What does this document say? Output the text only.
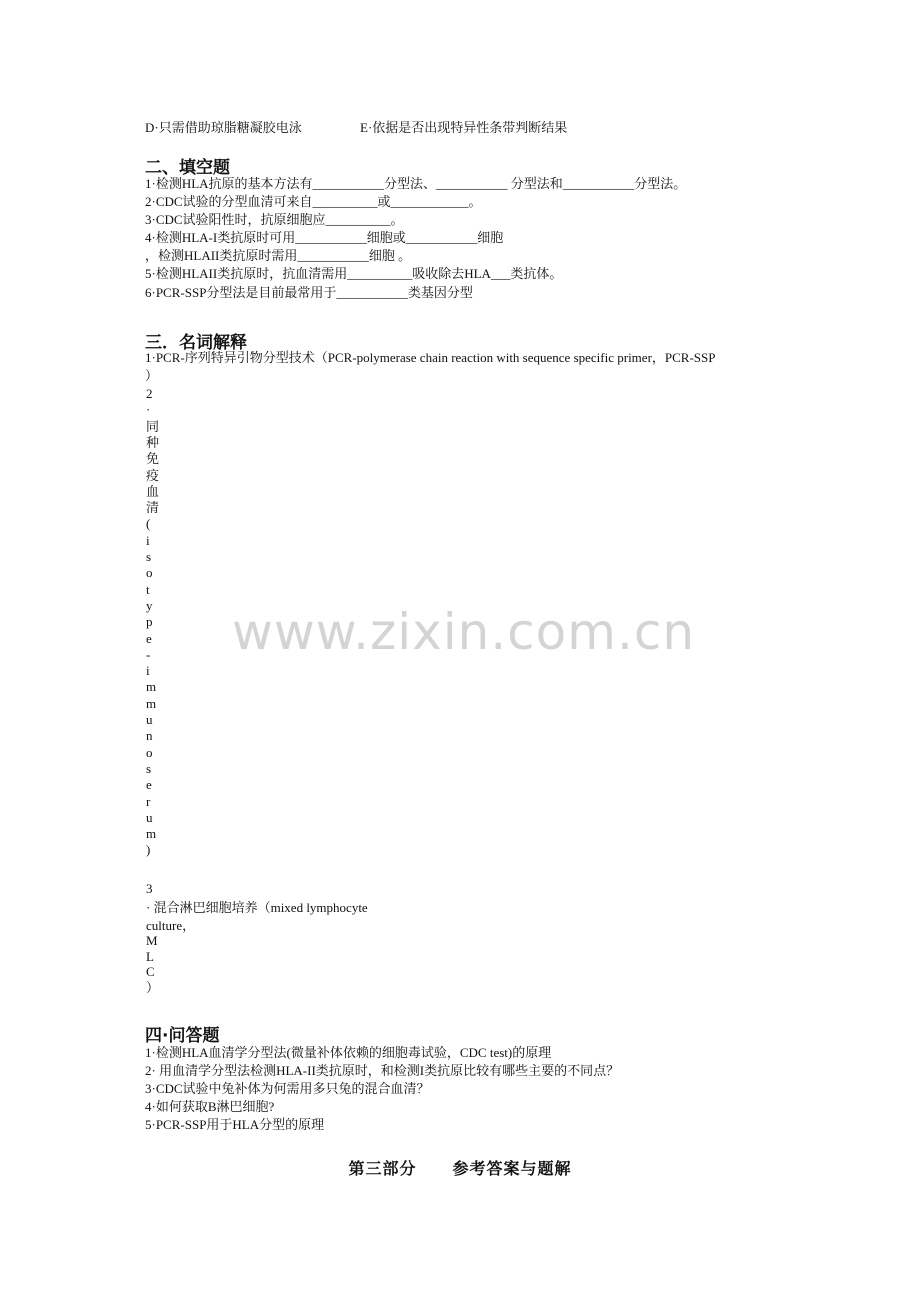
www.zixin.com.cn
D·只需借助琼脂糖凝胶电泳	E·依据是否出现特异性条带判断结果
二、填空题
1·检测HLA抗原的基本方法有___________分型法、___________ 分型法和___________分型法。
2·CDC试验的分型血清可来自__________或____________。
3·CDC试验阳性时，抗原细胞应__________。
4·检测HLA-I类抗原时可用___________细胞或___________细胞
，检测HLAII类抗原时需用___________细胞 。
5·检测HLAII类抗原时，抗血清需用__________吸收除去HLA___类抗体。
6·PCR-SSP分型法是目前最常用于___________类基因分型
三．名词解释
1·PCR-序列特异引物分型技术（PCR-polymerase chain reaction with sequence specific primer，PCR-SSP
）
2
·
同
种
免
疫
血
清
(
i
s
o
t
y
p
e
-
i
m
m
u
n
o
s
e
r
u
m
)
3
· 混合淋巴细胞培养（mixed lymphocyte
culture，
M
L
C
）
四·问答题
1·检测HLA血清学分型法(微量补体依赖的细胞毒试验，CDC test)的原理
2· 用血清学分型法检测HLA-II类抗原时，和检测I类抗原比较有哪些主要的不同点？
3·CDC试验中兔补体为何需用多只兔的混合血清？
4·如何获取B淋巴细胞?
5·PCR-SSP用于HLA分型的原理
第三部分 参考答案与题解
